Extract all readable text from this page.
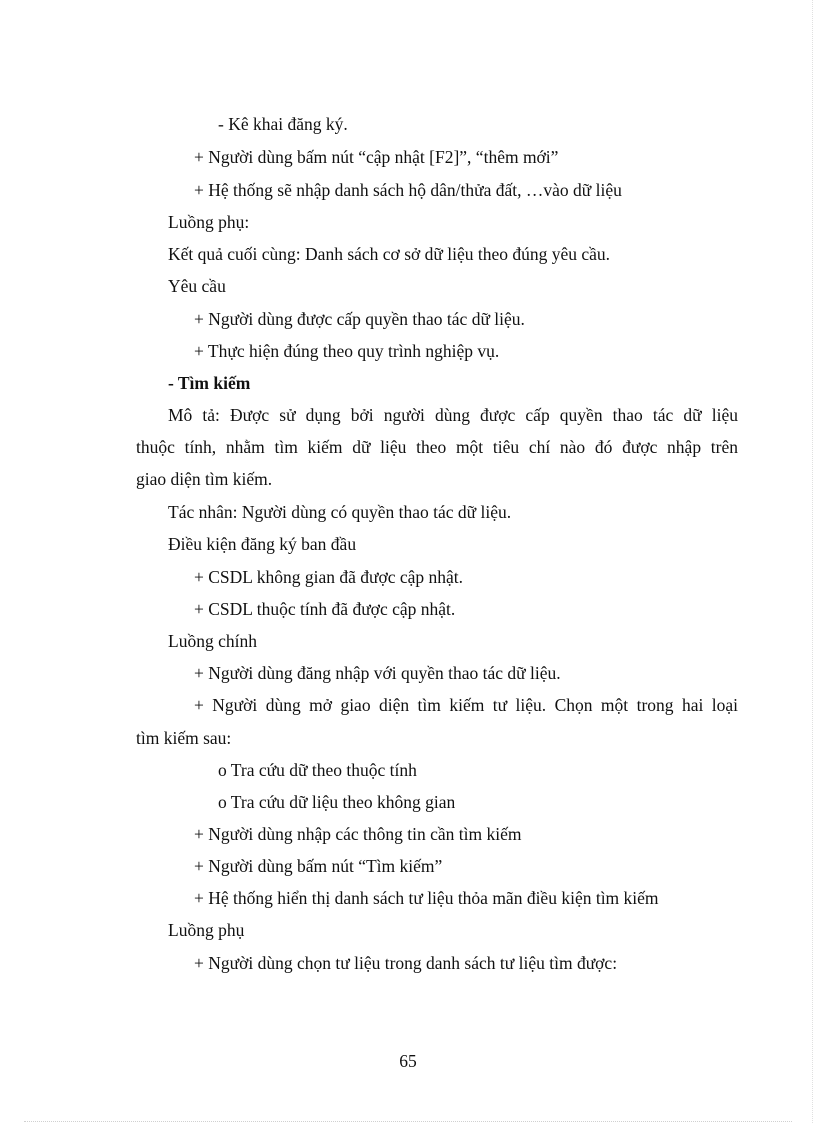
- Kê khai đăng ký.
+ Người dùng bấm nút “cập nhật [F2]”, “thêm mới”
+ Hệ thống sẽ nhập danh sách hộ dân/thửa đất, …vào dữ liệu
Luồng phụ:
Kết quả cuối cùng: Danh sách cơ sở dữ liệu theo đúng yêu cầu.
Yêu cầu
+ Người dùng được cấp quyền thao tác dữ liệu.
+ Thực hiện đúng theo quy trình nghiệp vụ.
- Tìm kiếm
Mô tả: Được sử dụng bởi người dùng được cấp quyền thao tác dữ liệu
thuộc tính, nhằm tìm kiếm dữ liệu theo một tiêu chí nào đó được nhập trên
giao diện tìm kiếm.
Tác nhân: Người dùng có quyền thao tác dữ liệu.
Điều kiện đăng ký ban đầu
+ CSDL không gian đã được cập nhật.
+ CSDL thuộc tính đã được cập nhật.
Luồng chính
+ Người dùng đăng nhập với quyền thao tác dữ liệu.
+ Người dùng mở giao diện tìm kiếm tư liệu. Chọn một trong hai loại
tìm kiếm sau:
o Tra cứu dữ theo thuộc tính
o Tra cứu dữ liệu theo không gian
+ Người dùng nhập các thông tin cần tìm kiếm
+ Người dùng bấm nút “Tìm kiếm”
+ Hệ thống hiển thị danh sách tư liệu thỏa mãn điều kiện tìm kiếm
Luồng phụ
+ Người dùng chọn tư liệu trong danh sách tư liệu tìm được:
65
